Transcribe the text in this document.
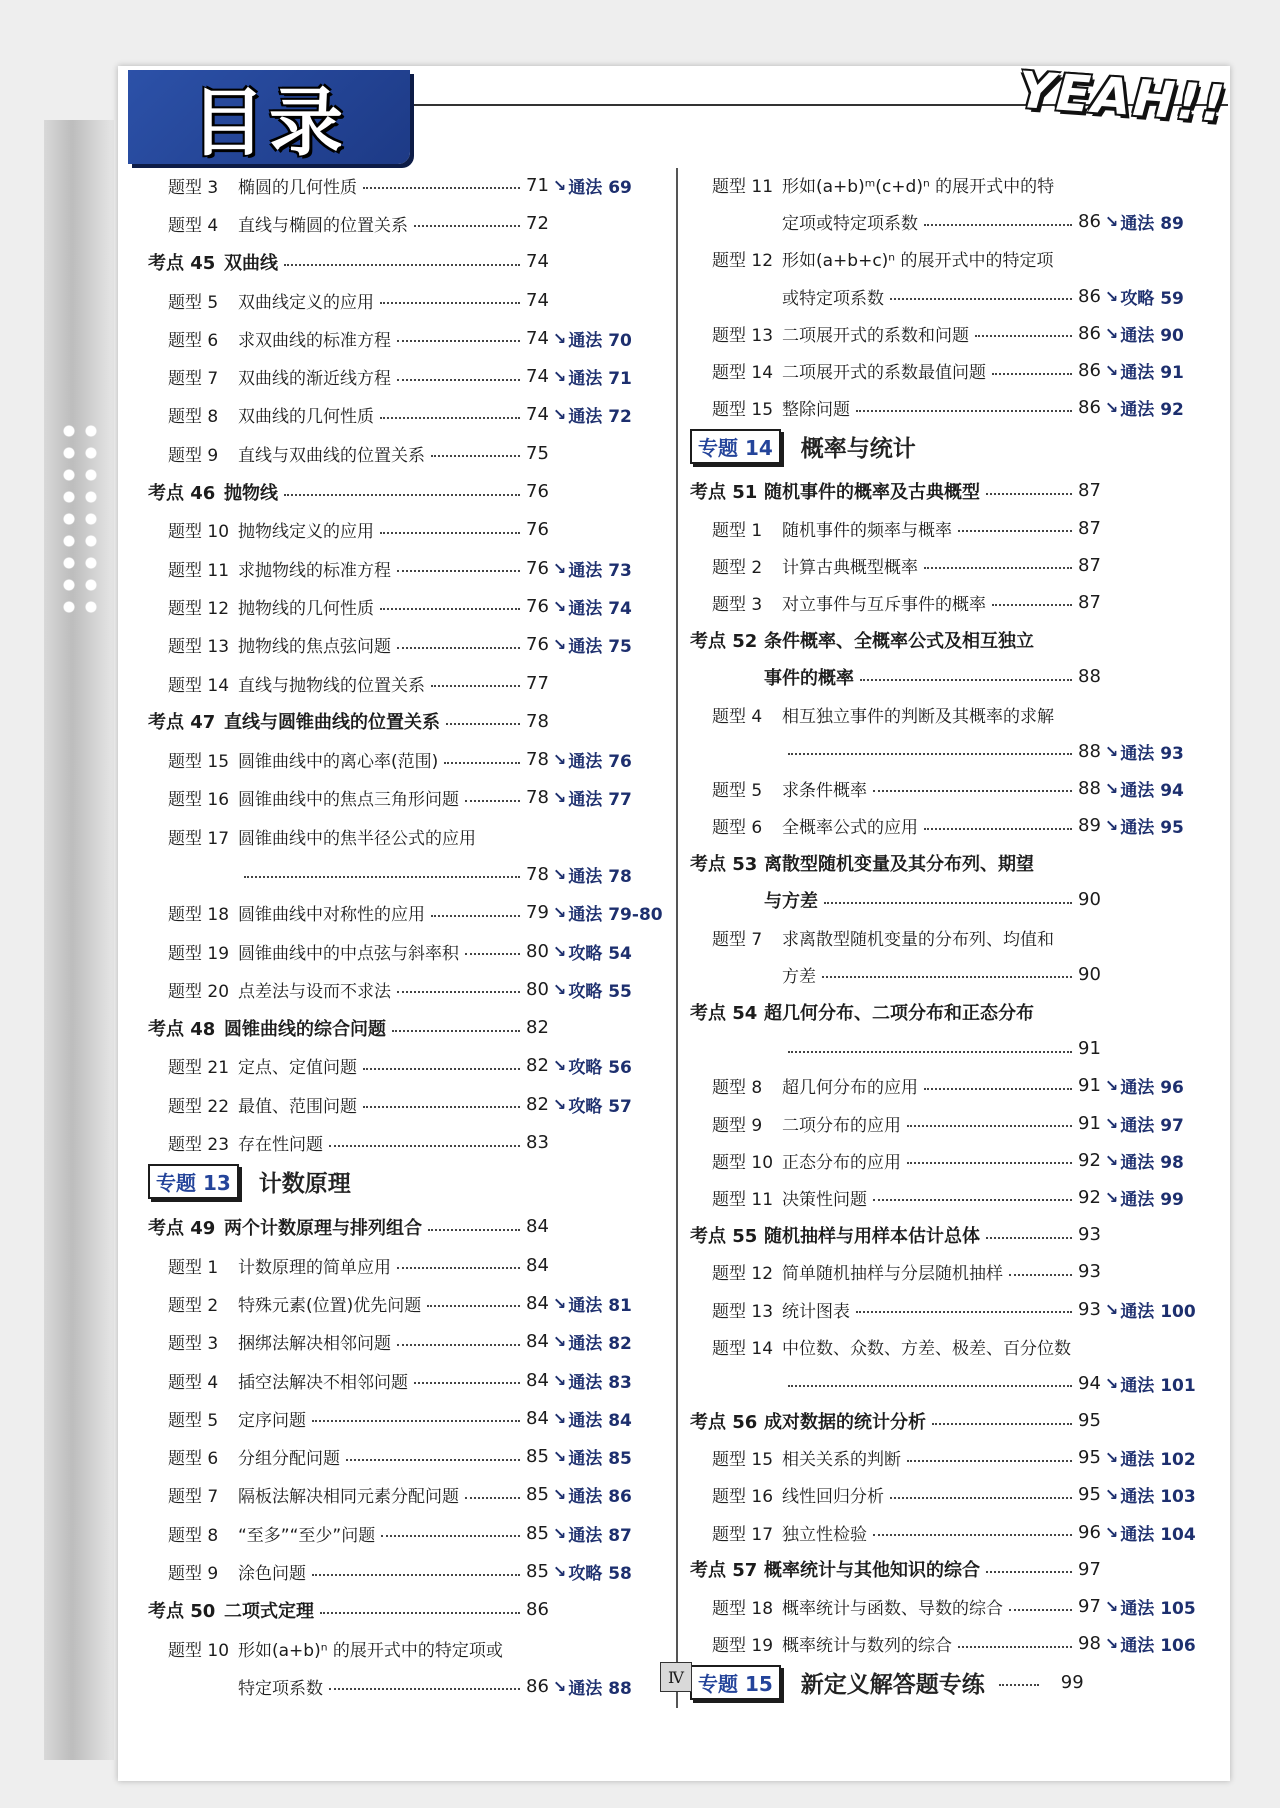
目录	YEAH!!
题型 3 椭圆的几何性质	71 ↘ 通法 69
题型 4 直线与椭圆的位置关系	72
考点 45 双曲线	74
题型 5 双曲线定义的应用	74
题型 6 求双曲线的标准方程	74 ↘ 通法 70
题型 7 双曲线的渐近线方程	74 ↘ 通法 71
题型 8 双曲线的几何性质	74 ↘ 通法 72
题型 9 直线与双曲线的位置关系	75
考点 46 抛物线	76
题型 10 抛物线定义的应用	76
题型 11 求抛物线的标准方程	76 ↘ 通法 73
题型 12 抛物线的几何性质	76 ↘ 通法 74
题型 13 抛物线的焦点弦问题	76 ↘ 通法 75
题型 14 直线与抛物线的位置关系	77
考点 47 直线与圆锥曲线的位置关系	78
题型 15 圆锥曲线中的离心率(范围)	78 ↘ 通法 76
题型 16 圆锥曲线中的焦点三角形问题	78 ↘ 通法 77
题型 17 圆锥曲线中的焦半径公式的应用
78 ↘ 通法 78
题型 18 圆锥曲线中对称性的应用	79 ↘ 通法 79-80
题型 19 圆锥曲线中的中点弦与斜率积	80 ↘ 攻略 54
题型 20 点差法与设而不求法	80 ↘ 攻略 55
考点 48 圆锥曲线的综合问题	82
题型 21 定点、定值问题	82 ↘ 攻略 56
题型 22 最值、范围问题	82 ↘ 攻略 57
题型 23 存在性问题	83
专题 13	计数原理
考点 49 两个计数原理与排列组合	84
题型 1 计数原理的简单应用	84
题型 2 特殊元素(位置)优先问题	84 ↘ 通法 81
题型 3 捆绑法解决相邻问题	84 ↘ 通法 82
题型 4 插空法解决不相邻问题	84 ↘ 通法 83
题型 5 定序问题	84 ↘ 通法 84
题型 6 分组分配问题	85 ↘ 通法 85
题型 7 隔板法解决相同元素分配问题	85 ↘ 通法 86
题型 8 “至多”“至少”问题	85 ↘ 通法 87
题型 9 涂色问题	85 ↘ 攻略 58
考点 50 二项式定理	86
题型 10 形如(a+b)ⁿ 的展开式中的特定项或
特定项系数	86 ↘ 通法 88
题型 11 形如(a+b)ᵐ(c+d)ⁿ 的展开式中的特
定项或特定项系数	86 ↘ 通法 89
题型 12 形如(a+b+c)ⁿ 的展开式中的特定项
或特定项系数	86 ↘ 攻略 59
题型 13 二项展开式的系数和问题	86 ↘ 通法 90
题型 14 二项展开式的系数最值问题	86 ↘ 通法 91
题型 15 整除问题	86 ↘ 通法 92
专题 14	概率与统计
考点 51 随机事件的概率及古典概型	87
题型 1 随机事件的频率与概率	87
题型 2 计算古典概型概率	87
题型 3 对立事件与互斥事件的概率	87
考点 52 条件概率、全概率公式及相互独立
事件的概率	88
题型 4 相互独立事件的判断及其概率的求解
88 ↘ 通法 93
题型 5 求条件概率	88 ↘ 通法 94
题型 6 全概率公式的应用	89 ↘ 通法 95
考点 53 离散型随机变量及其分布列、期望
与方差	90
题型 7 求离散型随机变量的分布列、均值和
方差	90
考点 54 超几何分布、二项分布和正态分布
91
题型 8 超几何分布的应用	91 ↘ 通法 96
题型 9 二项分布的应用	91 ↘ 通法 97
题型 10 正态分布的应用	92 ↘ 通法 98
题型 11 决策性问题	92 ↘ 通法 99
考点 55 随机抽样与用样本估计总体	93
题型 12 简单随机抽样与分层随机抽样	93
题型 13 统计图表	93 ↘ 通法 100
题型 14 中位数、众数、方差、极差、百分位数
94 ↘ 通法 101
考点 56 成对数据的统计分析	95
题型 15 相关关系的判断	95 ↘ 通法 102
题型 16 线性回归分析	95 ↘ 通法 103
题型 17 独立性检验	96 ↘ 通法 104
考点 57 概率统计与其他知识的综合	97
题型 18 概率统计与函数、导数的综合	97 ↘ 通法 105
题型 19 概率统计与数列的综合	98 ↘ 通法 106
专题 15	新定义解答题专练	99
Ⅳ
